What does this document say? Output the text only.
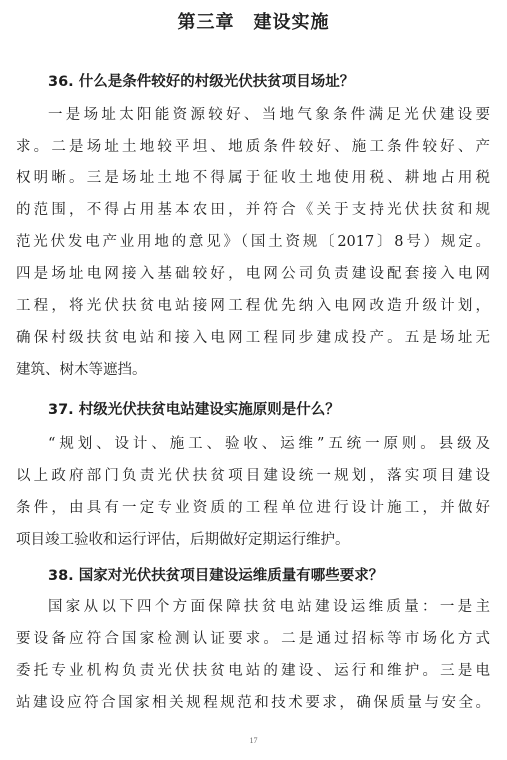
第三章　建设实施
36. 什么是条件较好的村级光伏扶贫项目场址？
一是场址太阳能资源较好、当地气象条件满足光伏建设要
求。二是场址土地较平坦、地质条件较好、施工条件较好、产
权明晰。三是场址土地不得属于征收土地使用税、耕地占用税
的范围，不得占用基本农田，并符合《关于支持光伏扶贫和规
范光伏发电产业用地的意见》（国土资规〔2017〕8号）规定。
四是场址电网接入基础较好，电网公司负责建设配套接入电网
工程，将光伏扶贫电站接网工程优先纳入电网改造升级计划，
确保村级扶贫电站和接入电网工程同步建成投产。五是场址无
建筑、树木等遮挡。
37. 村级光伏扶贫电站建设实施原则是什么？
“规划、设计、施工、验收、运维”五统一原则。县级及
以上政府部门负责光伏扶贫项目建设统一规划，落实项目建设
条件，由具有一定专业资质的工程单位进行设计施工，并做好
项目竣工验收和运行评估，后期做好定期运行维护。
38. 国家对光伏扶贫项目建设运维质量有哪些要求？
国家从以下四个方面保障扶贫电站建设运维质量：一是主
要设备应符合国家检测认证要求。二是通过招标等市场化方式
委托专业机构负责光伏扶贫电站的建设、运行和维护。三是电
站建设应符合国家相关规程规范和技术要求，确保质量与安全。
17
